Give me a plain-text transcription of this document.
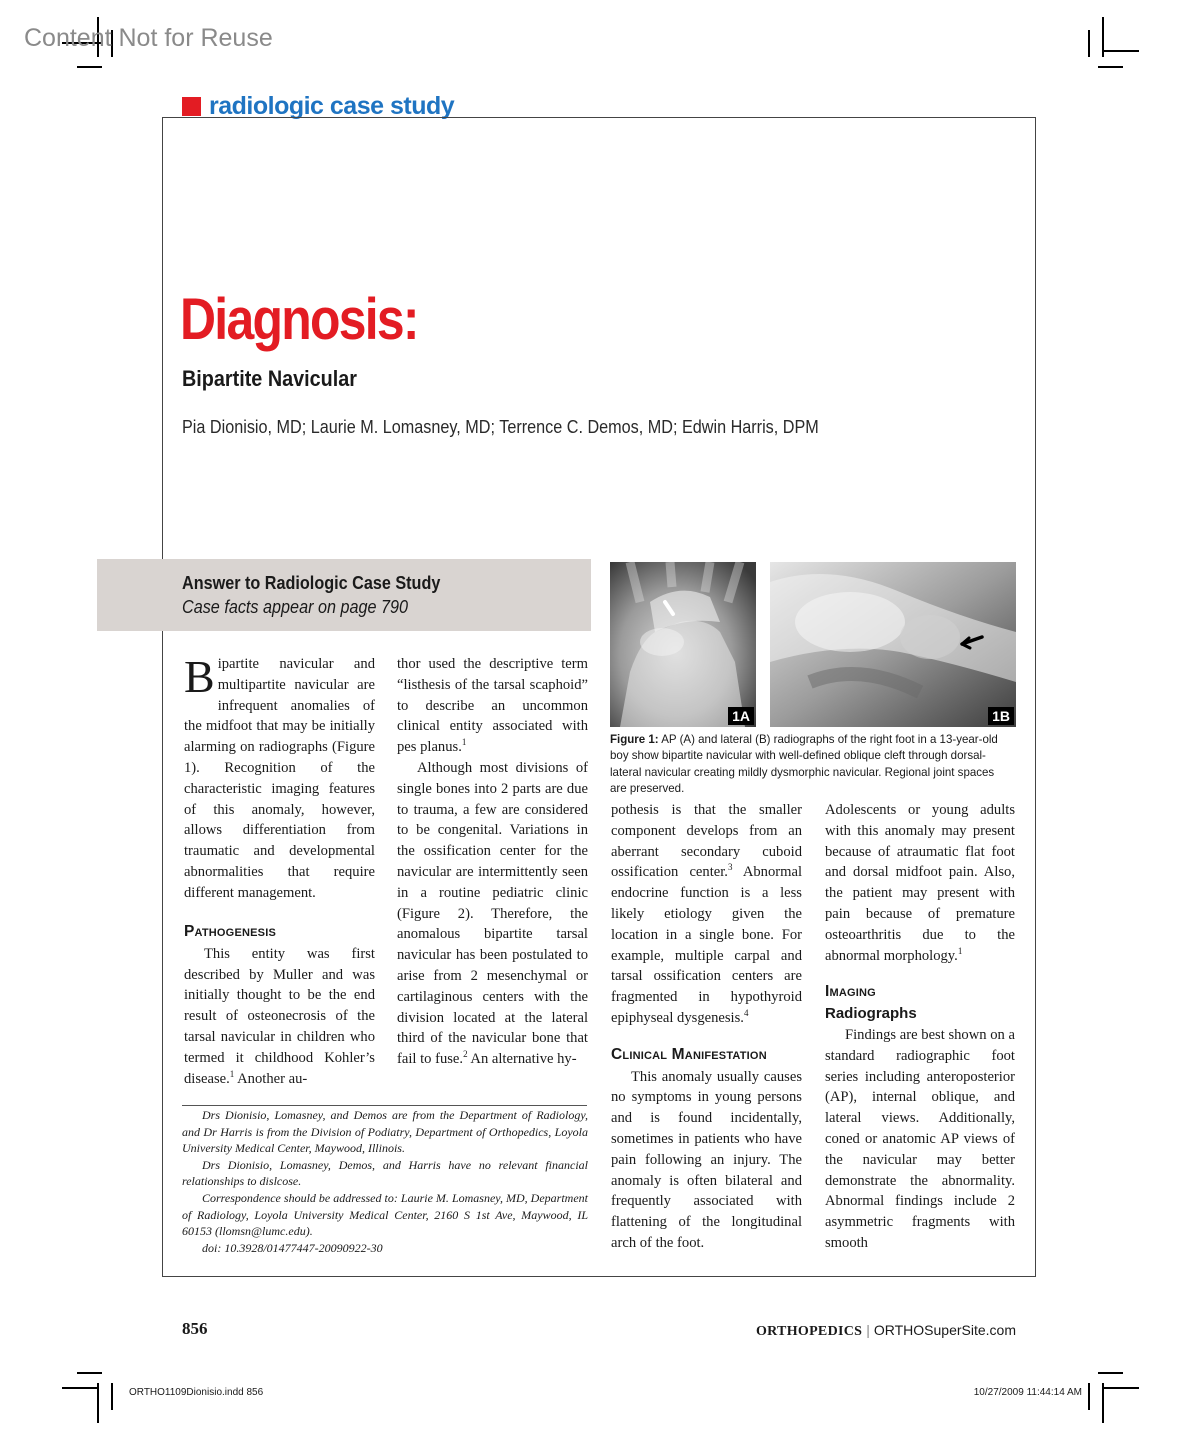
Content Not for Reuse
radiologic case study
Diagnosis:
Bipartite Navicular
Pia Dionisio, MD; Laurie M. Lomasney, MD; Terrence C. Demos, MD; Edwin Harris, DPM
Answer to Radiologic Case Study
Case facts appear on page 790

Bipartite navicular and multipartite navicular are infrequent anomalies of the midfoot that may be initially alarming on radiographs (Figure 1). Recognition of the characteristic imaging features of this anomaly, however, allows differentiation from traumatic and developmental abnormalities that require different management.

Pathogenesis

This entity was first described by Muller and was initially thought to be the end result of osteonecrosis of the tarsal navicular in children who termed it childhood Kohler’s disease.$^1$ Another au-

thor used the descriptive term “listhesis of the tarsal scaphoid” to describe an uncommon clinical entity associated with pes planus.$^1$

Although most divisions of single bones into 2 parts are due to trauma, a few are considered to be congenital. Variations in the ossification center for the navicular are intermittently seen in a routine pediatric clinic (Figure 2). Therefore, the anomalous bipartite tarsal navicular has been postulated to arise from 2 mesenchymal or cartilaginous centers with the division located at the lateral third of the navicular bone that fail to fuse.$^2$ An alternative hy-

Drs Dionisio, Lomasney, and Demos are from the Department of Radiology, and Dr Harris is from the Division of Podiatry, Department of Orthopedics, Loyola University Medical Center, Maywood, Illinois.

Drs Dionisio, Lomasney, Demos, and Harris have no relevant financial relationships to dislcose.

Correspondence should be addressed to: Laurie M. Lomasney, MD, Department of Radiology, Loyola University Medical Center, 2160 S 1st Ave, Maywood, IL 60153 (llomsn@lumc.edu).

doi: 10.3928/01477447-20090922-30

1A	1B
Figure 1: AP (A) and lateral (B) radiographs of the right foot in a 13-year-old boy show bipartite navicular with well-defined oblique cleft through dorsal-lateral navicular creating mildly dysmorphic navicular. Regional joint spaces are preserved.

pothesis is that the smaller component develops from an aberrant secondary cuboid ossification center.$^3$ Abnormal endocrine function is a less likely etiology given the location in a single bone. For example, multiple carpal and tarsal ossification centers are fragmented in hypothyroid epiphyseal dysgenesis.$^4$

Clinical Manifestation

This anomaly usually causes no symptoms in young persons and is found incidentally, sometimes in patients who have pain following an injury. The anomaly is often bilateral and frequently associated with flattening of the longitudinal arch of the foot.

Adolescents or young adults with this anomaly may present because of atraumatic flat foot and dorsal midfoot pain. Also, the patient may present with pain because of premature osteoarthritis due to the abnormal morphology.$^1$

Imaging
Radiographs

Findings are best shown on a standard radiographic foot series including anteroposterior (AP), internal oblique, and lateral views. Additionally, coned or anatomic AP views of the navicular may better demonstrate the abnormality. Abnormal findings include 2 asymmetric fragments with smooth

856	ORTHOPEDICS | ORTHOSuperSite.com
ORTHO1109Dionisio.indd 856	10/27/2009 11:44:14 AM
